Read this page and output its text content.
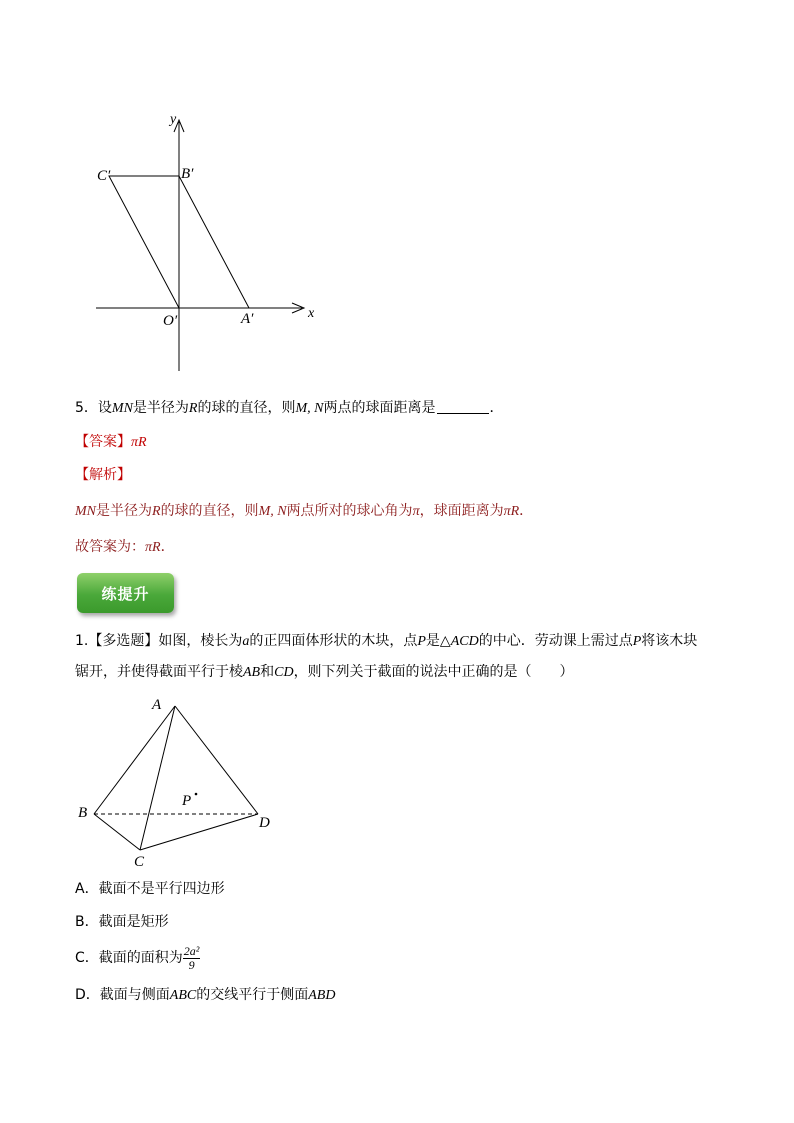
y
x
C′	B′
O′	A′
5．设MN是半径为R的球的直径，则M, N两点的球面距离是	．
【答案】πR
【解析】
MN是半径为R的球的直径，则M, N两点所对的球心角为π，球面距离为πR．
故答案为：πR．
练提升
1.【多选题】如图，棱长为a的正四面体形状的木块，点P是△ACD的中心．劳动课上需过点P将该木块
锯开，并使得截面平行于棱AB和CD，则下列关于截面的说法中正确的是（　　）
A
B
C
D
P
A．截面不是平行四边形
B．截面是矩形
C．截面的面积为 $\frac{\text{2a²}}{9}$
D．截面与侧面ABC的交线平行于侧面ABD
